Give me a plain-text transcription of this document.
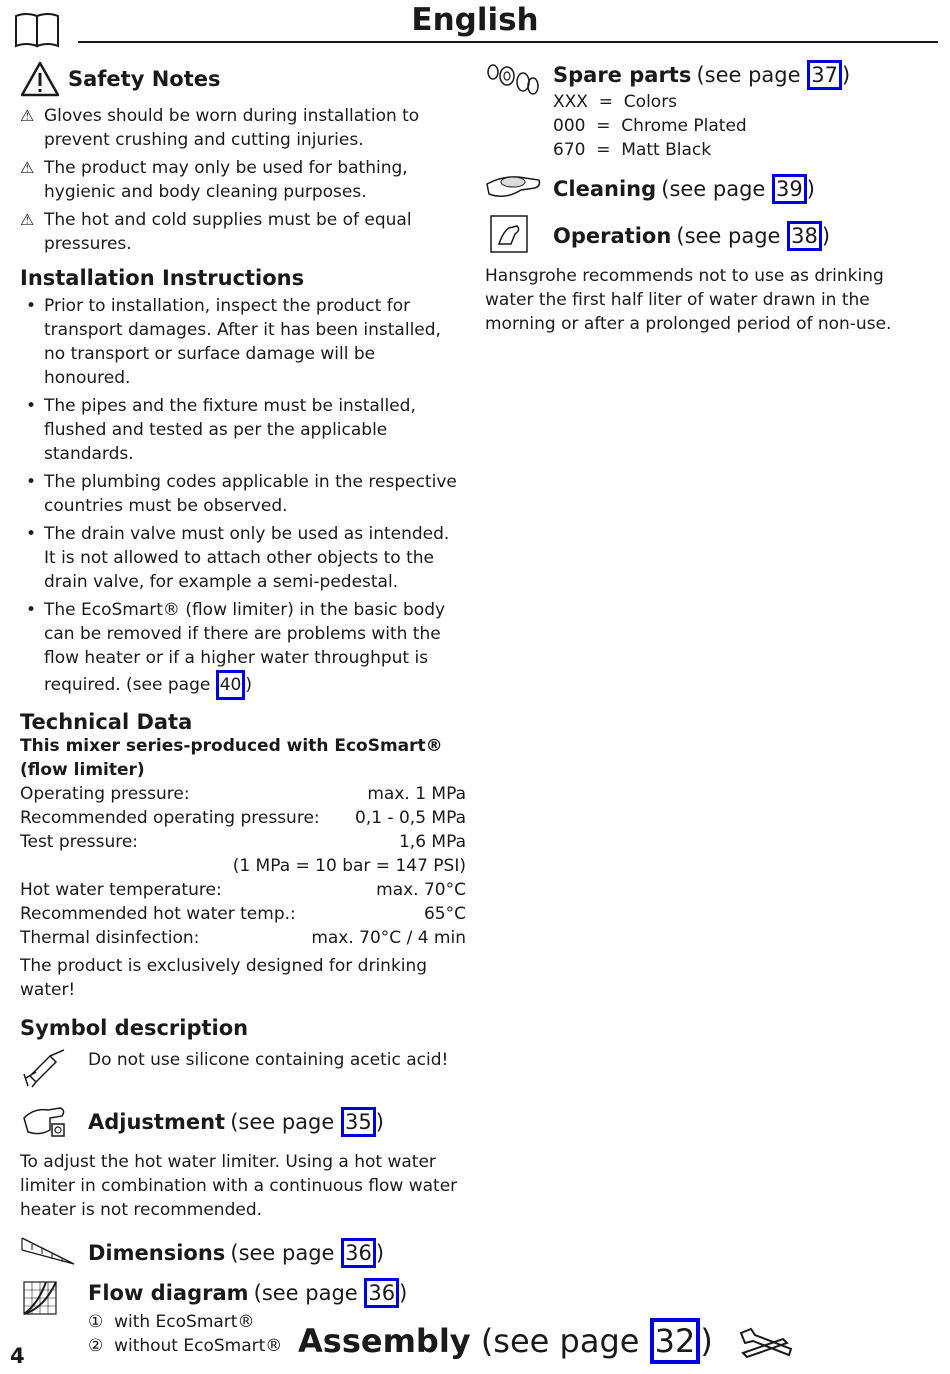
English
Safety Notes
⚠ Gloves should be worn during installation to prevent crushing and cutting injuries.
⚠ The product may only be used for bathing, hygienic and body cleaning purposes.
⚠ The hot and cold supplies must be of equal pressures.
Installation Instructions
• Prior to installation, inspect the product for transport damages. After it has been installed, no transport or surface damage will be honoured.
• The pipes and the fixture must be installed, flushed and tested as per the applicable standards.
• The plumbing codes applicable in the respective countries must be observed.
• The drain valve must only be used as intended. It is not allowed to attach other objects to the drain valve, for example a semi-pedestal.
• The EcoSmart® (flow limiter) in the basic body can be removed if there are problems with the flow heater or if a higher water throughput is required. (see page 40 )
Technical Data
This mixer series-produced with EcoSmart® (flow limiter)
Operating pressure:	max. 1 MPa
Recommended operating pressure: 0,1 - 0,5 MPa
Test pressure:	1,6 MPa
(1 MPa = 10 bar = 147 PSI)
Hot water temperature:	max. 70°C
Recommended hot water temp.:	65°C
Thermal disinfection:	max. 70°C / 4 min
The product is exclusively designed for drinking water!
Symbol description
Do not use silicone containing acetic acid!
Adjustment (see page 35 )
To adjust the hot water limiter. Using a hot water limiter in combination with a continuous flow water heater is not recommended.
Dimensions (see page 36 )
Flow diagram (see page 36 )
① with EcoSmart®
② without EcoSmart®
Spare parts (see page 37 )
XXX  =  Colors
000  =  Chrome Plated
670  =  Matt Black
Cleaning (see page 39 )
Operation (see page 38 )
Hansgrohe recommends not to use as drinking water the first half liter of water drawn in the morning or after a prolonged period of non-use.
4	Assembly (see page 32 )
